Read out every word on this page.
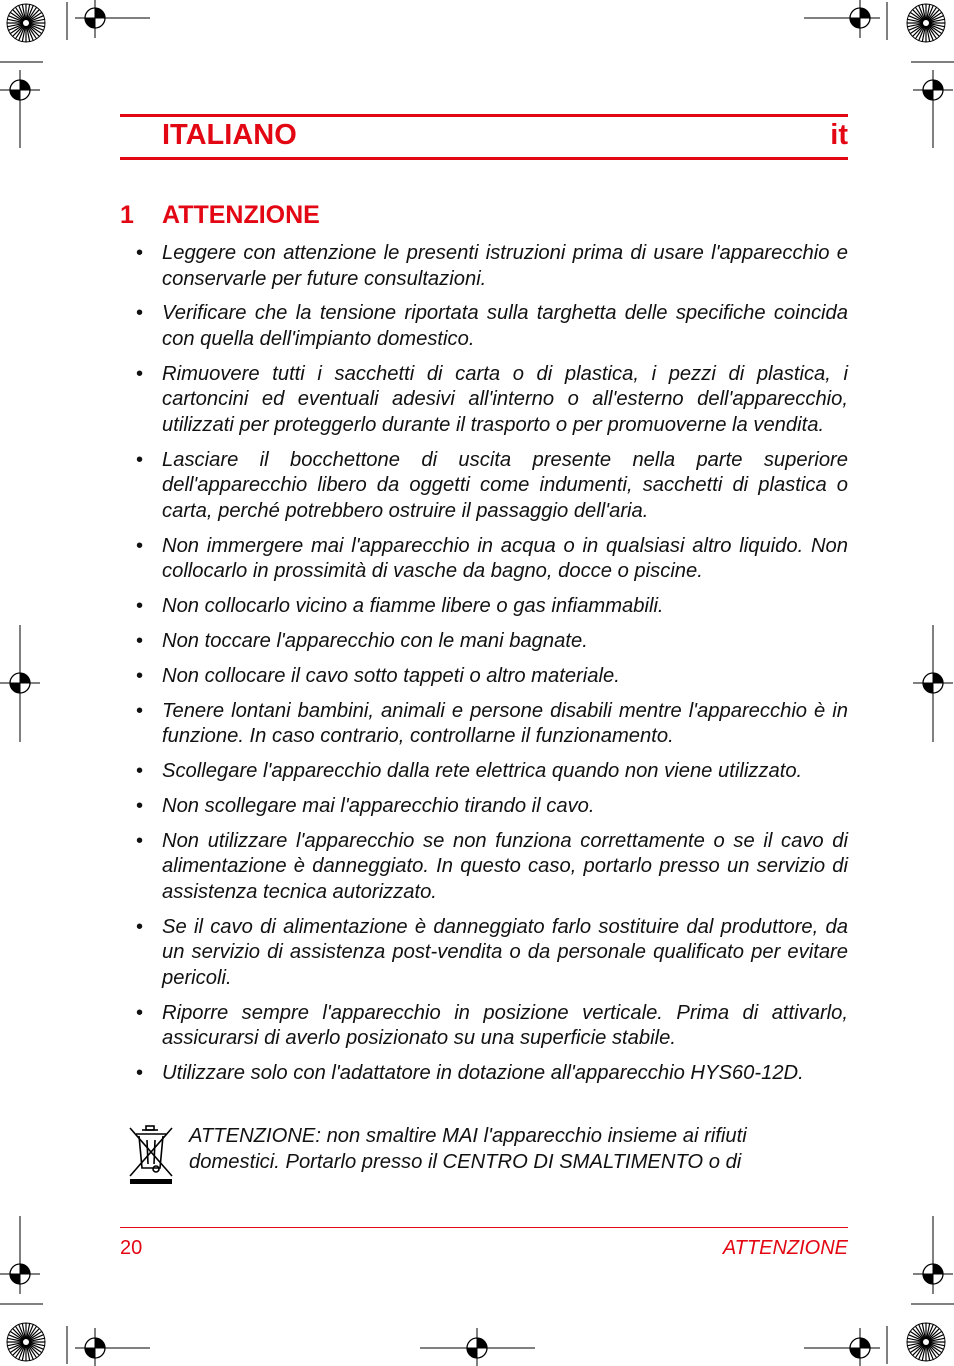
ITALIANO	it
1 ATTENZIONE
• Leggere con attenzione le presenti istruzioni prima di usare l'apparecchio e conservarle per future consultazioni.
• Verificare che la tensione riportata sulla targhetta delle specifiche coincida con quella dell'impianto domestico.
• Rimuovere tutti i sacchetti di carta o di plastica, i pezzi di plastica, i cartoncini ed eventuali adesivi all'interno o all'esterno dell'apparecchio, utilizzati per proteggerlo durante il trasporto o per promuoverne la vendita.
• Lasciare il bocchettone di uscita presente nella parte superiore dell'apparecchio libero da oggetti come indumenti, sacchetti di plastica o carta, perché potrebbero ostruire il passaggio dell'aria.
• Non immergere mai l'apparecchio in acqua o in qualsiasi altro liquido. Non collocarlo in prossimità di vasche da bagno, docce o piscine.
• Non collocarlo vicino a fiamme libere o gas infiammabili.
• Non toccare l'apparecchio con le mani bagnate.
• Non collocare il cavo sotto tappeti o altro materiale.
• Tenere lontani bambini, animali e persone disabili mentre l'apparecchio è in funzione. In caso contrario, controllarne il funzionamento.
• Scollegare l'apparecchio dalla rete elettrica quando non viene utilizzato.
• Non scollegare mai l'apparecchio tirando il cavo.
• Non utilizzare l'apparecchio se non funziona correttamente o se il cavo di alimentazione è danneggiato. In questo caso, portarlo presso un servizio di assistenza tecnica autorizzato.
• Se il cavo di alimentazione è danneggiato farlo sostituire dal produttore, da un servizio di assistenza post-vendita o da personale qualificato per evitare pericoli.
• Riporre sempre l'apparecchio in posizione verticale. Prima di attivarlo, assicurarsi di averlo posizionato su una superficie stabile.
• Utilizzare solo con l'adattatore in dotazione all'apparecchio HYS60-12D.
ATTENZIONE: non smaltire MAI l'apparecchio insieme ai rifiuti domestici. Portarlo presso il CENTRO DI SMALTIMENTO o di
20	ATTENZIONE
